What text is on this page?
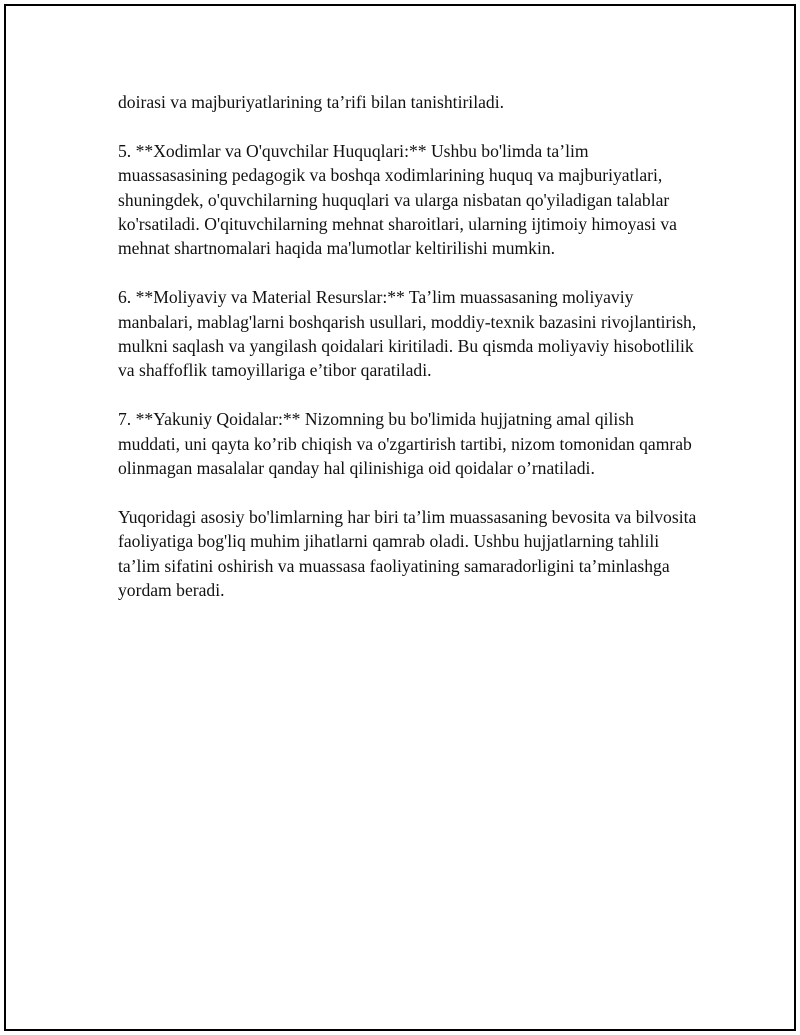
doirasi va majburiyatlarining ta’rifi bilan tanishtiriladi.

5. **Xodimlar va O'quvchilar Huquqlari:** Ushbu bo'limda ta’lim muassasasining pedagogik va boshqa xodimlarining huquq va majburiyatlari, shuningdek, o'quvchilarning huquqlari va ularga nisbatan qo'yiladigan talablar ko'rsatiladi. O'qituvchilarning mehnat sharoitlari, ularning ijtimoiy himoyasi va mehnat shartnomalari haqida ma'lumotlar keltirilishi mumkin.

6. **Moliyaviy va Material Resurslar:** Ta’lim muassasaning moliyaviy manbalari, mablag'larni boshqarish usullari, moddiy-texnik bazasini rivojlantirish, mulkni saqlash va yangilash qoidalari kiritiladi. Bu qismda moliyaviy hisobotlilik va shaffoflik tamoyillariga e’tibor qaratiladi.

7. **Yakuniy Qoidalar:** Nizomning bu bo'limida hujjatning amal qilish muddati, uni qayta ko’rib chiqish va o'zgartirish tartibi, nizom tomonidan qamrab olinmagan masalalar qanday hal qilinishiga oid qoidalar o’rnatiladi.

Yuqoridagi asosiy bo'limlarning har biri ta’lim muassasaning bevosita va bilvosita faoliyatiga bog'liq muhim jihatlarni qamrab oladi. Ushbu hujjatlarning tahlili ta’lim sifatini oshirish va muassasa faoliyatining samaradorligini ta’minlashga yordam beradi.
